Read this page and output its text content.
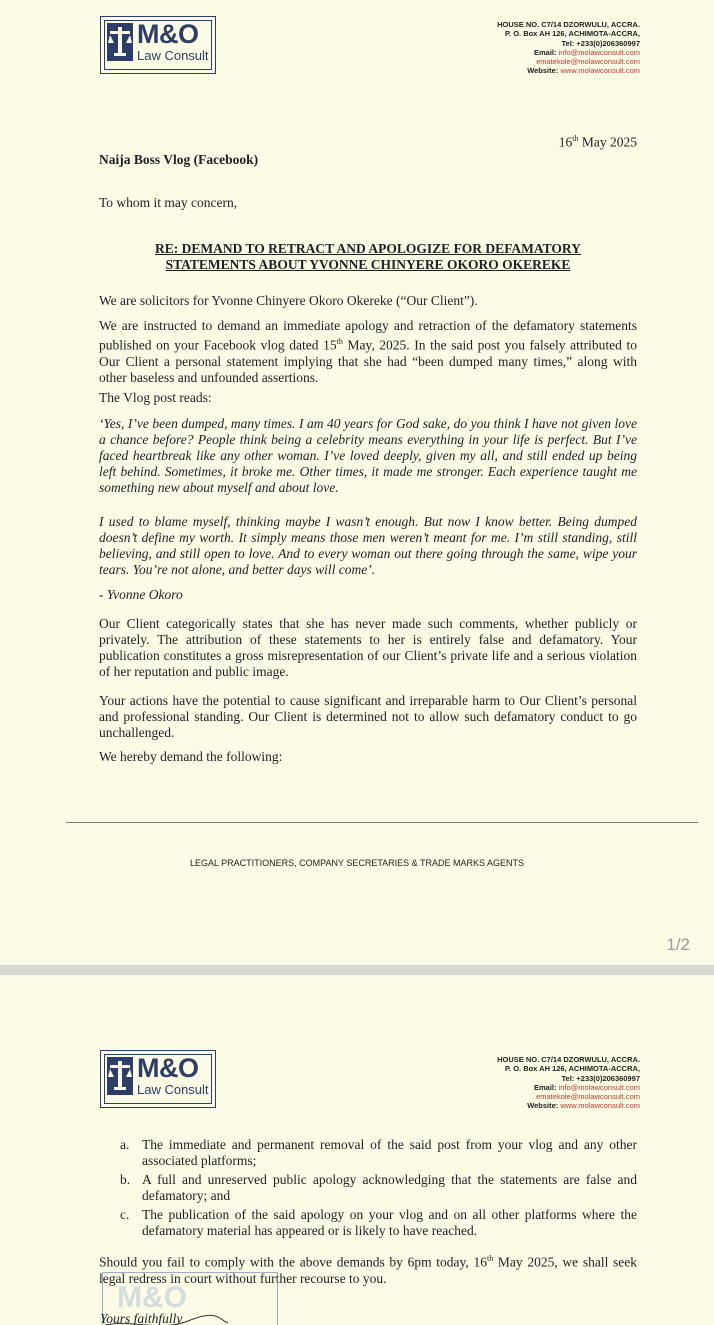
M&O
Law Consult
HOUSE NO. C7/14 DZORWULU, ACCRA.
P. O. Box AH 126, ACHIMOTA-ACCRA,
Tel: +233(0)206360997
Email: info@molawconsult.com
ematekole@molawconsult.com
Website: www.molawconsult.com
16th May 2025
Naija Boss Vlog (Facebook)
To whom it may concern,
RE: DEMAND TO RETRACT AND APOLOGIZE FOR DEFAMATORY
STATEMENTS ABOUT YVONNE CHINYERE OKORO OKEREKE
We are solicitors for Yvonne Chinyere Okoro Okereke (“Our Client”).
We are instructed to demand an immediate apology and retraction of the defamatory statements published on your Facebook vlog dated 15th May, 2025. In the said post you falsely attributed to Our Client a personal statement implying that she had “been dumped many times,” along with other baseless and unfounded assertions.
The Vlog post reads:
‘Yes, I’ve been dumped, many times. I am 40 years for God sake, do you think I have not given love a chance before? People think being a celebrity means everything in your life is perfect. But I’ve faced heartbreak like any other woman. I’ve loved deeply, given my all, and still ended up being left behind. Sometimes, it broke me. Other times, it made me stronger. Each experience taught me something new about myself and about love.
I used to blame myself, thinking maybe I wasn’t enough. But now I know better. Being dumped doesn’t define my worth. It simply means those men weren’t meant for me. I’m still standing, still believing, and still open to love. And to every woman out there going through the same, wipe your tears. You’re not alone, and better days will come’.
- Yvonne Okoro
Our Client categorically states that she has never made such comments, whether publicly or privately. The attribution of these statements to her is entirely false and defamatory. Your publication constitutes a gross misrepresentation of our Client’s private life and a serious violation of her reputation and public image.
Your actions have the potential to cause significant and irreparable harm to Our Client’s personal and professional standing. Our Client is determined not to allow such defamatory conduct to go unchallenged.
We hereby demand the following:
LEGAL PRACTITIONERS, COMPANY SECRETARIES & TRADE MARKS AGENTS
1/2
M&O
Law Consult
HOUSE NO. C7/14 DZORWULU, ACCRA.
P. O. Box AH 126, ACHIMOTA-ACCRA,
Tel: +233(0)206360997
Email: info@molawconsult.com
ematekole@molawconsult.com
Website: www.molawconsult.com
a. The immediate and permanent removal of the said post from your vlog and any other associated platforms;
b. A full and unreserved public apology acknowledging that the statements are false and defamatory; and
c. The publication of the said apology on your vlog and on all other platforms where the defamatory material has appeared or is likely to have reached.
Should you fail to comply with the above demands by 6pm today, 16th May 2025, we shall seek legal redress in court without further recourse to you.
M&O
Yours faithfully
